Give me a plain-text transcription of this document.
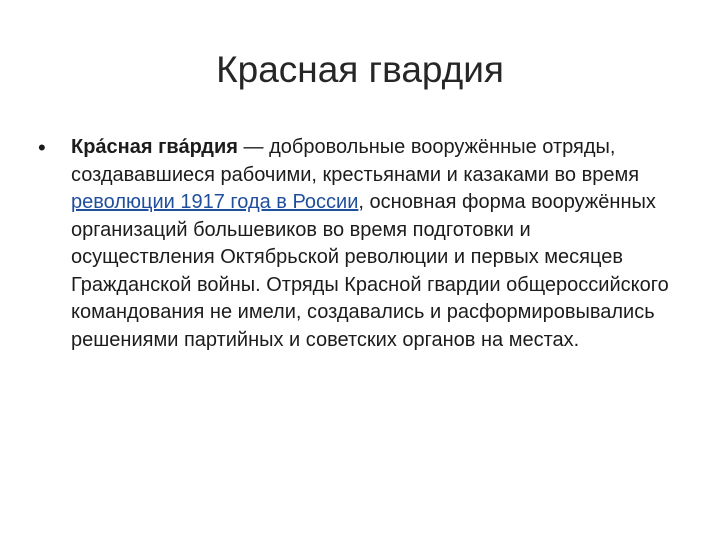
Красная гвардия
• Кра́сная гва́рдия — добровольные вооружённые отряды, создававшиеся рабочими, крестьянами и казаками во время революции 1917 года в России, основная форма вооружённых организаций большевиков во время подготовки и осуществления Октябрьской революции и первых месяцев Гражданской войны. Отряды Красной гвардии общероссийского командования не имели, создавались и расформировывались решениями партийных и советских органов на местах.
